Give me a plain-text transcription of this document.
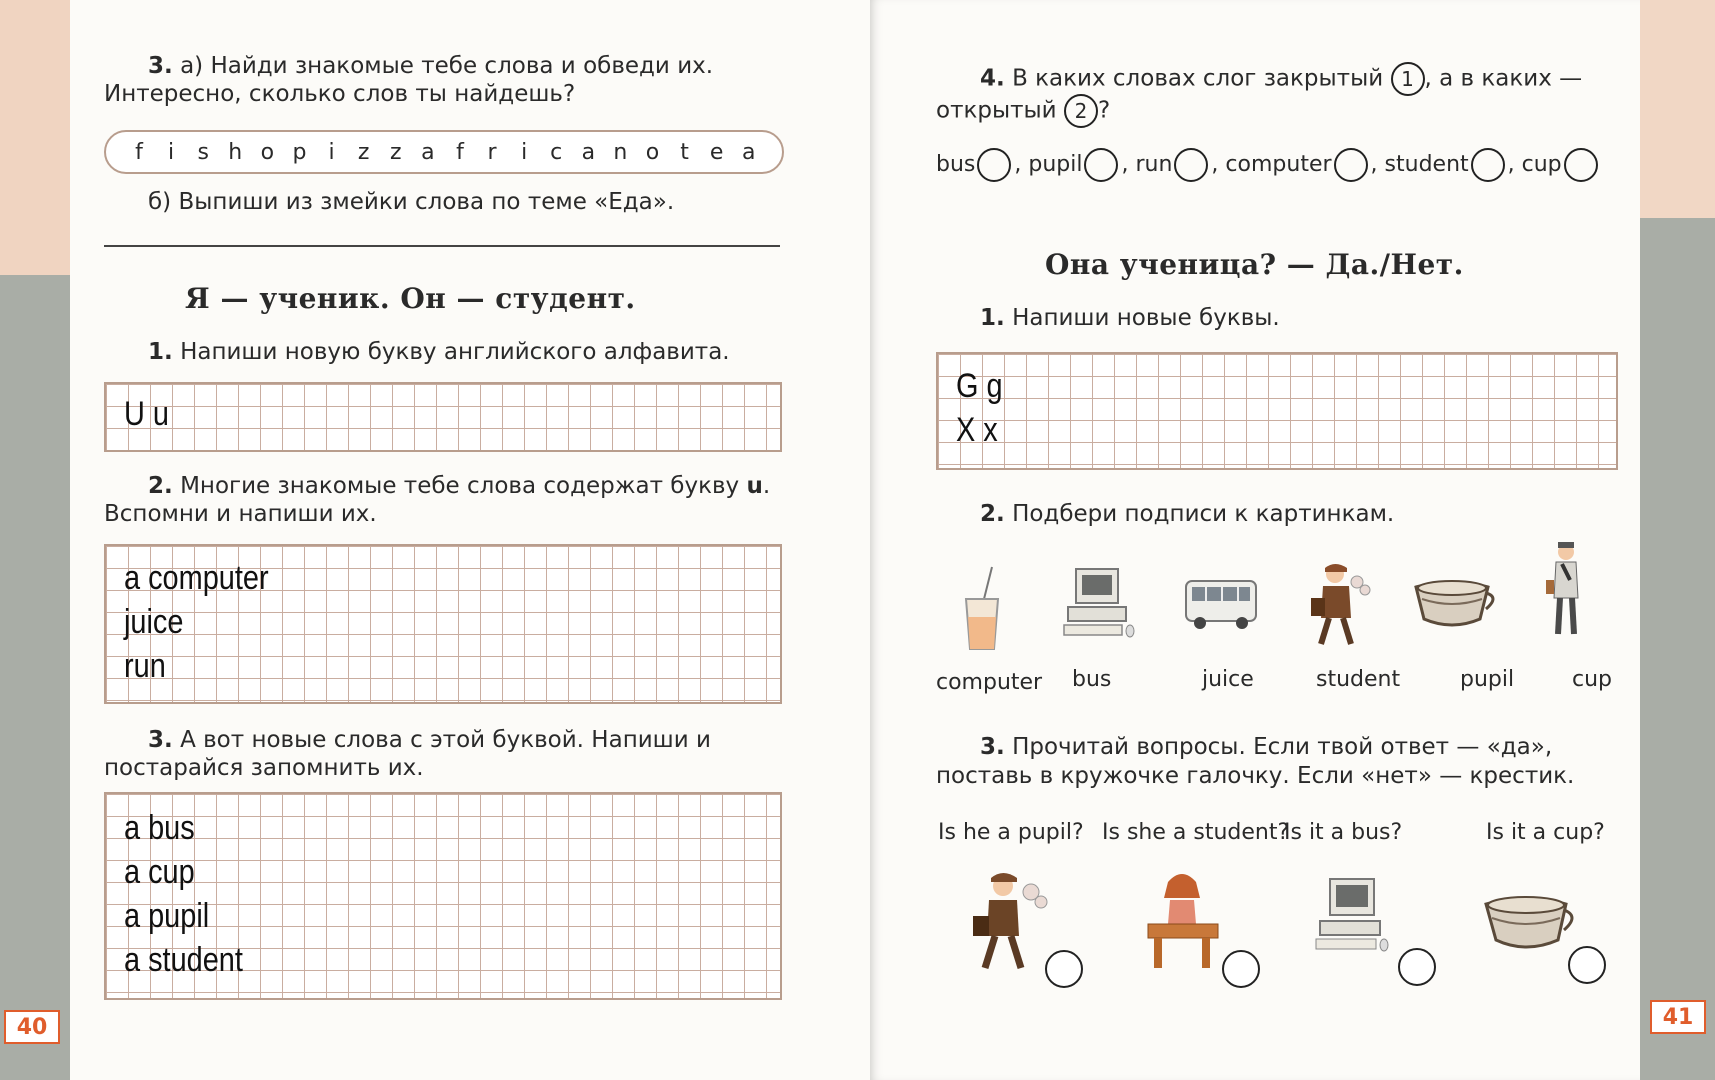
3. а) Найди знакомые тебе слова и обведи их.
Интересно, сколько слов ты найдешь?
f	i	s h o p	i	z z a f	r	i	c a n o t e a
б) Выпиши из змейки слова по теме «Еда».
Я — ученик. Он — студент.
1. Напиши новую букву английского алфавита.
U u
2. Многие знакомые тебе слова содержат букву u.
Вспомни и напиши их.
a computer
juice
run
3. А вот новые слова с этой буквой. Напиши и
постарайся запомнить их.
a bus
a cup
a pupil
a student
40
4. В каких словах слог закрытый 1 , а в каких —
открытый 2 ?
bus , pupil , run , computer , student , cup
Она ученица? — Да./Нет.
1. Напиши новые буквы.
G g
X x
2. Подбери подписи к картинкам.
computer bus	juice	student	pupil	cup
3. Прочитай вопросы. Если твой ответ — «да»,
поставь в кружочке галочку. Если «нет» — крестик.
Is he a pupil? Is she a student?
Is it a bus?	Is it a cup?
41
